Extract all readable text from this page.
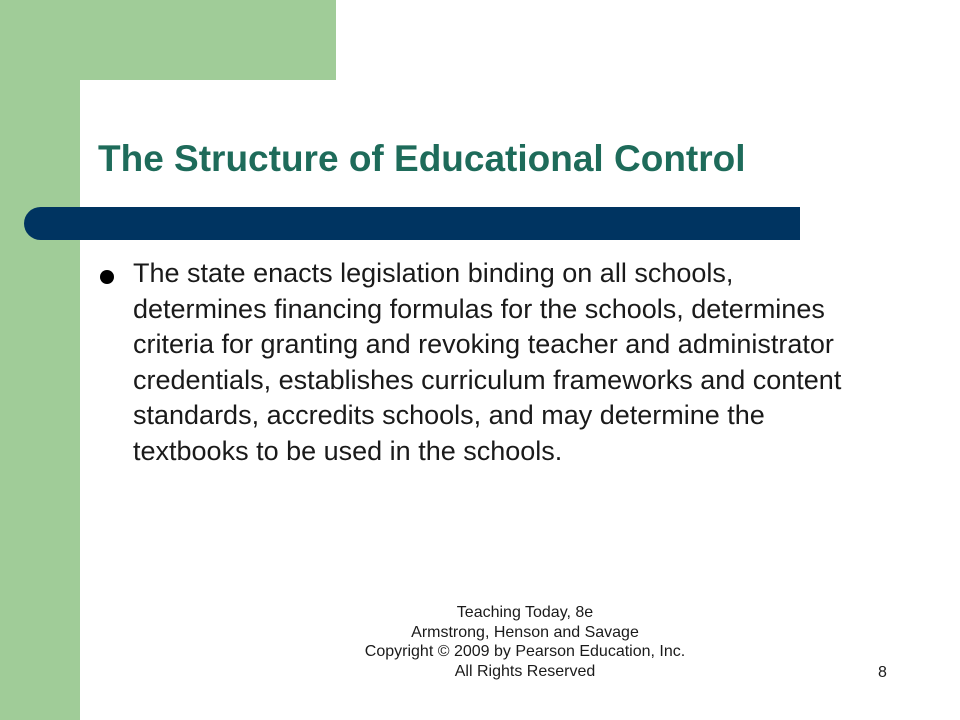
The Structure of Educational Control
The state enacts legislation binding on all schools, determines financing formulas for the schools, determines criteria for granting and revoking teacher and administrator credentials, establishes curriculum frameworks and content standards, accredits schools, and may determine the textbooks to be used in the schools.
Teaching Today, 8e
Armstrong, Henson and Savage
Copyright © 2009 by Pearson Education, Inc.
All Rights Reserved	8
